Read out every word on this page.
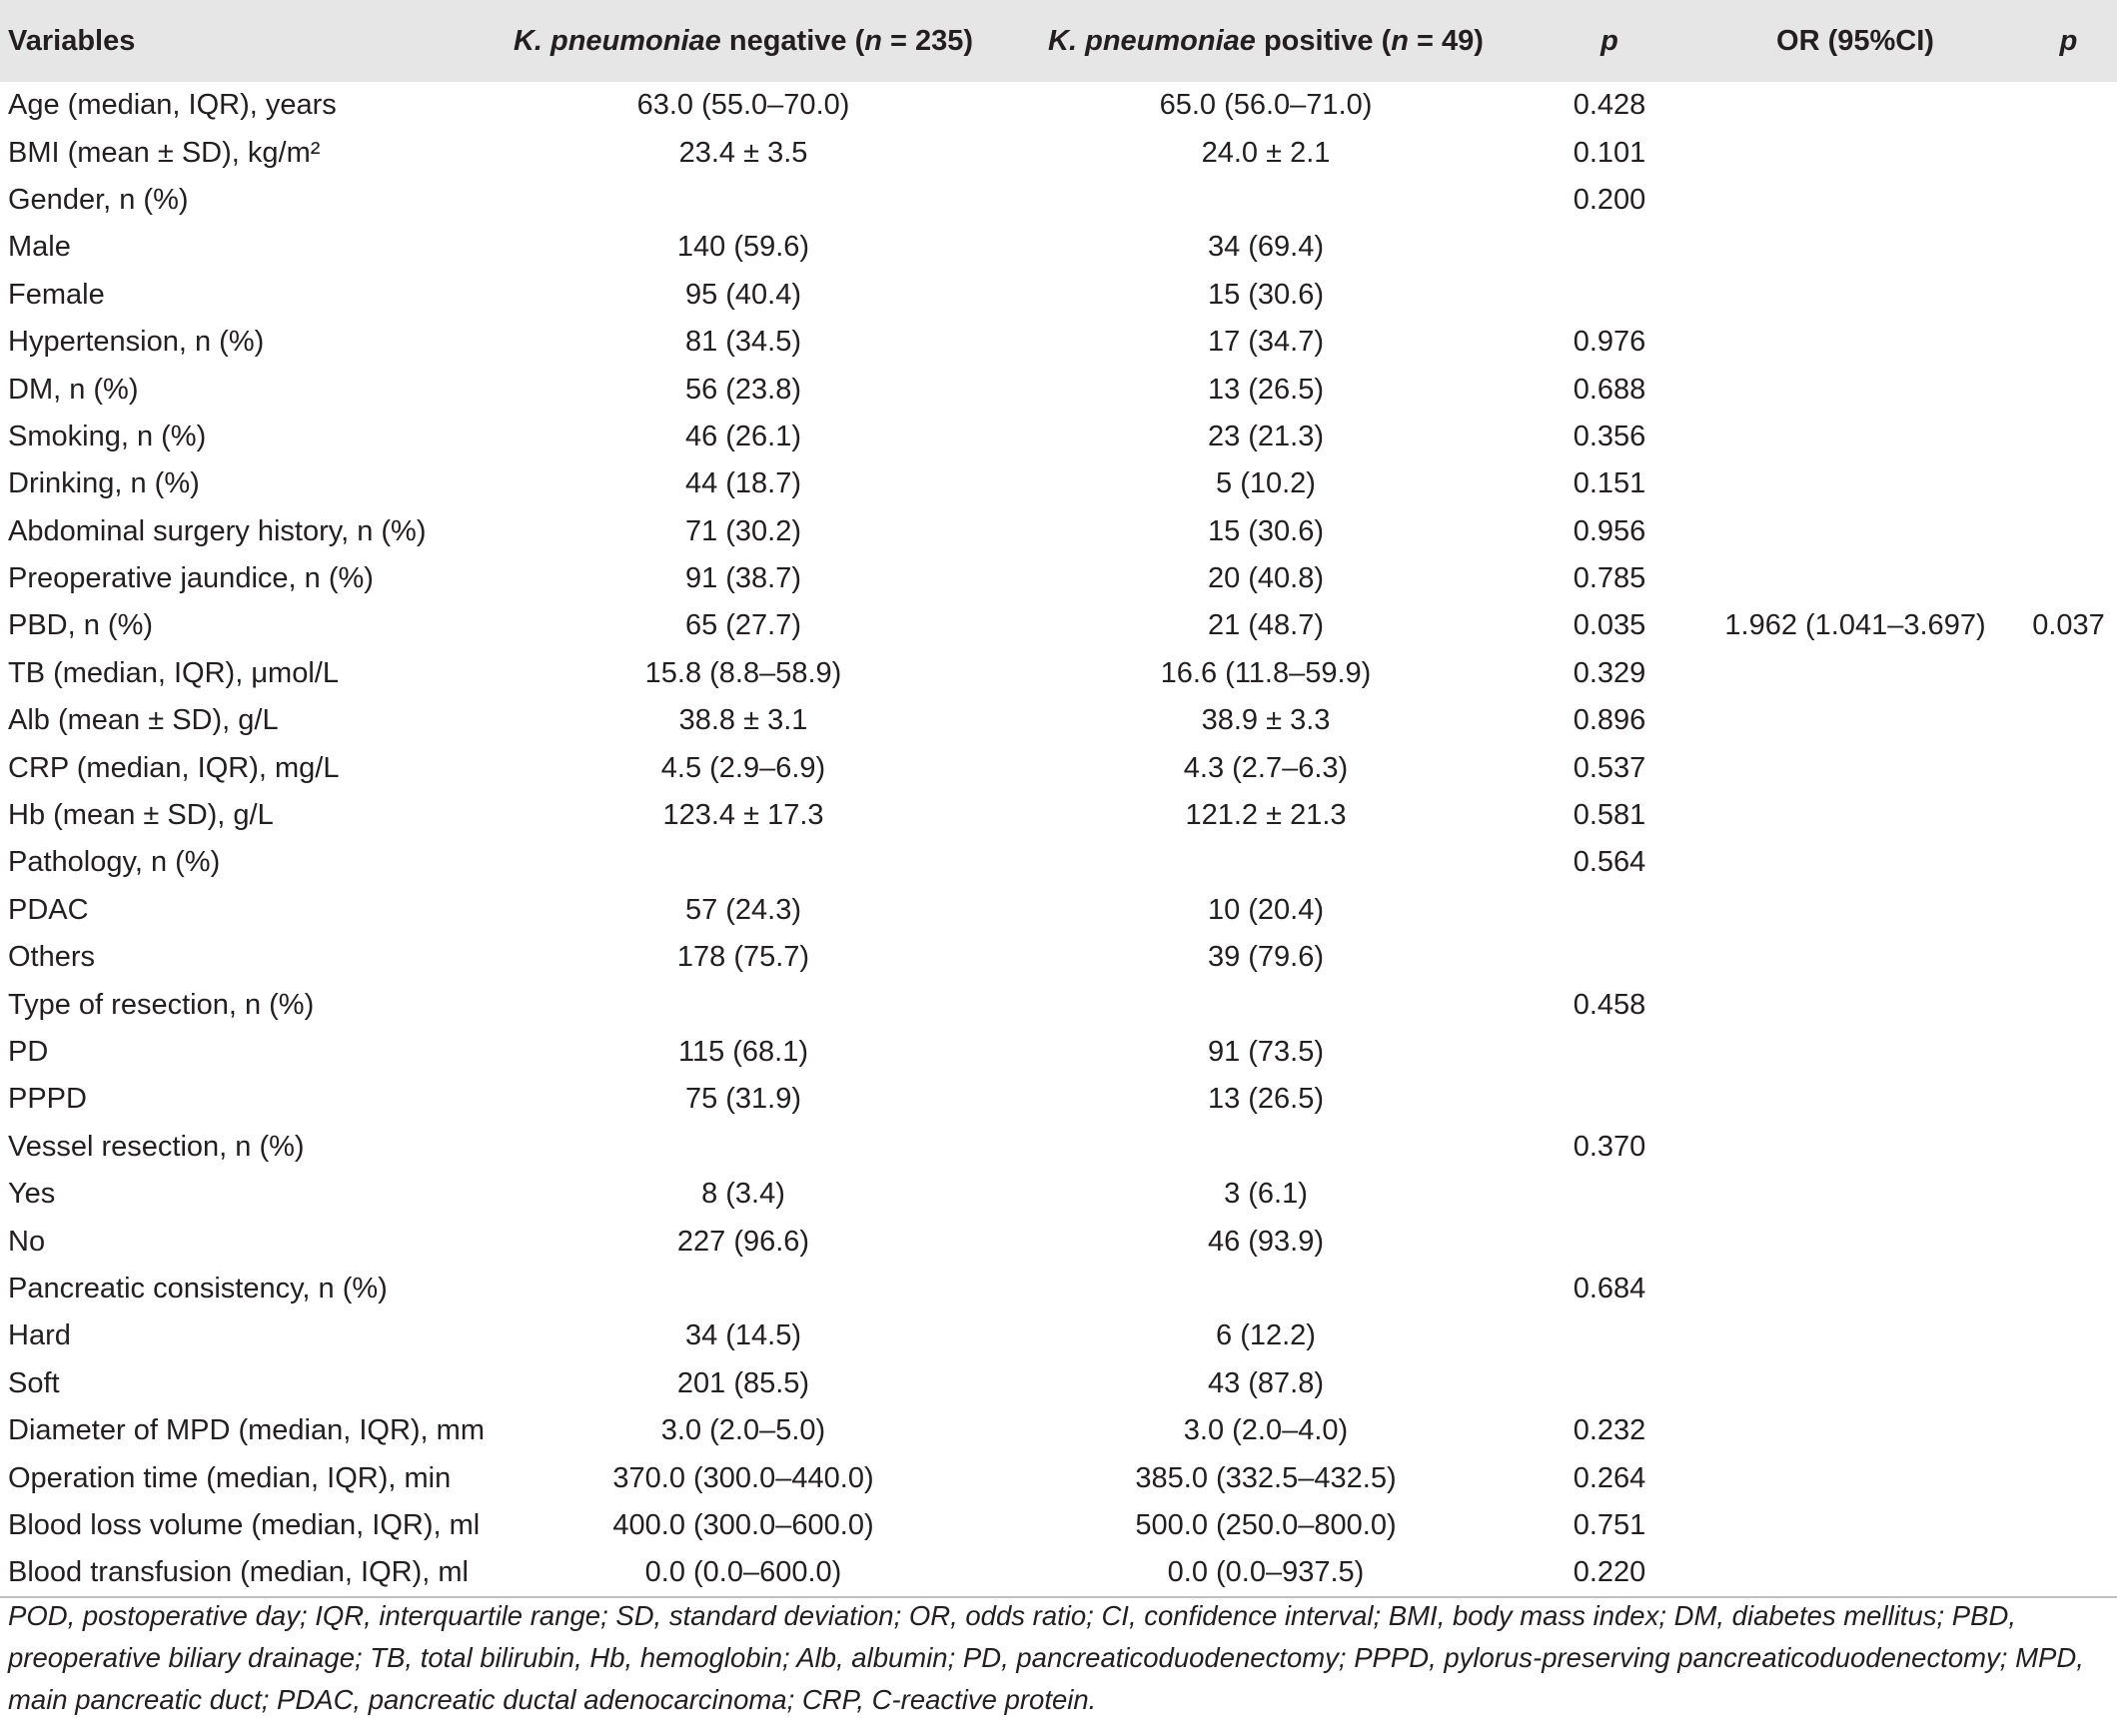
Variables	K. pneumoniae negative (n = 235)	K. pneumoniae positive (n = 49)	p	OR (95%CI)	p
Age (median, IQR), years	63.0 (55.0–70.0)	65.0 (56.0–71.0)	0.428		
BMI (mean ± SD), kg/m²	23.4 ± 3.5	24.0 ± 2.1	0.101		
Gender, n (%)			0.200		
Male	140 (59.6)	34 (69.4)			
Female	95 (40.4)	15 (30.6)			
Hypertension, n (%)	81 (34.5)	17 (34.7)	0.976		
DM, n (%)	56 (23.8)	13 (26.5)	0.688		
Smoking, n (%)	46 (26.1)	23 (21.3)	0.356		
Drinking, n (%)	44 (18.7)	5 (10.2)	0.151		
Abdominal surgery history, n (%)	71 (30.2)	15 (30.6)	0.956		
Preoperative jaundice, n (%)	91 (38.7)	20 (40.8)	0.785		
PBD, n (%)	65 (27.7)	21 (48.7)	0.035	1.962 (1.041–3.697)	0.037
TB (median, IQR), μmol/L	15.8 (8.8–58.9)	16.6 (11.8–59.9)	0.329		
Alb (mean ± SD), g/L	38.8 ± 3.1	38.9 ± 3.3	0.896		
CRP (median, IQR), mg/L	4.5 (2.9–6.9)	4.3 (2.7–6.3)	0.537		
Hb (mean ± SD), g/L	123.4 ± 17.3	121.2 ± 21.3	0.581		
Pathology, n (%)			0.564		
PDAC	57 (24.3)	10 (20.4)			
Others	178 (75.7)	39 (79.6)			
Type of resection, n (%)			0.458		
PD	115 (68.1)	91 (73.5)			
PPPD	75 (31.9)	13 (26.5)			
Vessel resection, n (%)			0.370		
Yes	8 (3.4)	3 (6.1)			
No	227 (96.6)	46 (93.9)			
Pancreatic consistency, n (%)			0.684		
Hard	34 (14.5)	6 (12.2)			
Soft	201 (85.5)	43 (87.8)			
Diameter of MPD (median, IQR), mm	3.0 (2.0–5.0)	3.0 (2.0–4.0)	0.232		
Operation time (median, IQR), min	370.0 (300.0–440.0)	385.0 (332.5–432.5)	0.264		
Blood loss volume (median, IQR), ml	400.0 (300.0–600.0)	500.0 (250.0–800.0)	0.751		
Blood transfusion (median, IQR), ml	0.0 (0.0–600.0)	0.0 (0.0–937.5)	0.220		
POD, postoperative day; IQR, interquartile range; SD, standard deviation; OR, odds ratio; CI, confidence interval; BMI, body mass index; DM, diabetes mellitus; PBD, preoperative biliary drainage; TB, total bilirubin, Hb, hemoglobin; Alb, albumin; PD, pancreaticoduodenectomy; PPPD, pylorus-preserving pancreaticoduodenectomy; MPD, main pancreatic duct; PDAC, pancreatic ductal adenocarcinoma; CRP, C-reactive protein.
